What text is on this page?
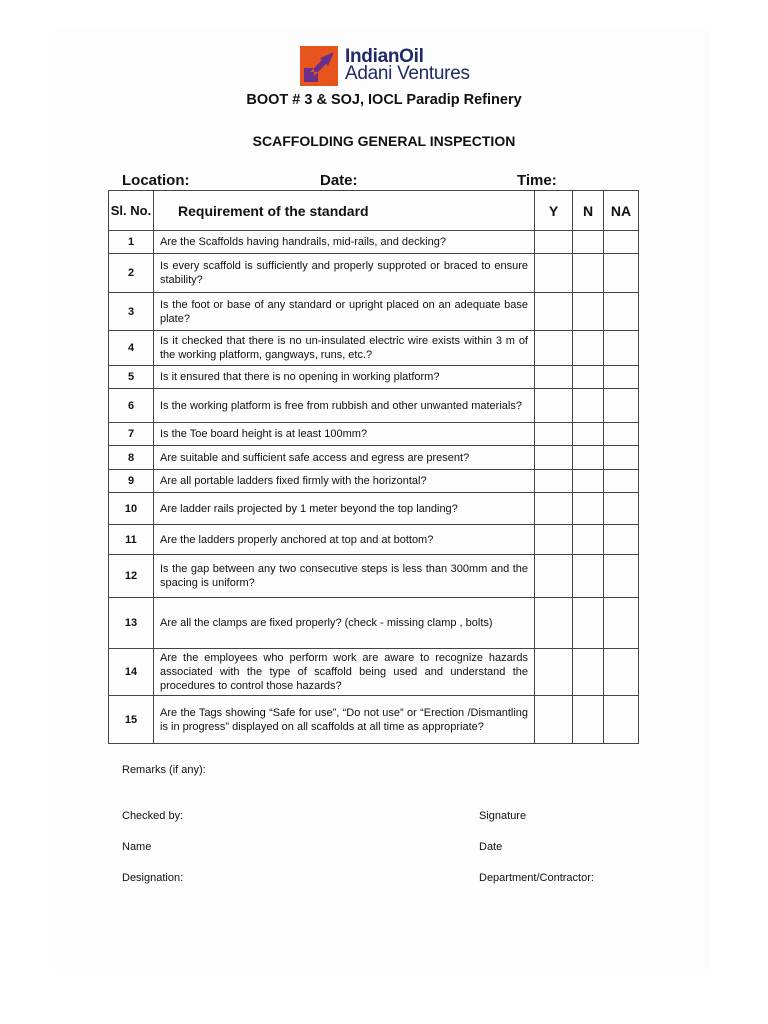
IndianOil
Adani Ventures
BOOT # 3 & SOJ, IOCL Paradip Refinery
SCAFFOLDING GENERAL INSPECTION
Location:	Date:	Time:
Sl. No.	Requirement of the standard	Y	N	NA
1	Are the Scaffolds having handrails, mid-rails, and decking?			
2	Is every scaffold is sufficiently and properly supproted or braced to ensure stability?			
3	Is the foot or base of any standard or upright placed on an adequate base plate?			
4	Is it checked that there is no un-insulated electric wire exists within 3 m of the working platform, gangways, runs, etc.?			
5	Is it ensured that there is no opening in working platform?			
6	Is the working platform is free from rubbish and other unwanted materials?			
7	Is the Toe board height is at least 100mm?			
8	Are suitable and sufficient safe access and egress are present?			
9	Are all portable ladders fixed firmly with the horizontal?			
10	Are ladder rails projected by 1 meter beyond the top landing?			
11	Are the ladders properly anchored at top and at bottom?			
12	Is the gap between any two consecutive steps is less than 300mm and the spacing is uniform?			
13	Are all the clamps are fixed properly? (check - missing clamp , bolts)			
14	Are the employees who perform work are aware to recognize hazards associated with the type of scaffold being used and understand the procedures to control those hazards?			
15	Are the Tags showing “Safe for use”, “Do not use” or “Erection /Dismantling is in progress” displayed on all scaffolds at all time as appropriate?			
Remarks (if any):
Checked by:	Signature
Name	Date
Designation:	Department/Contractor:
